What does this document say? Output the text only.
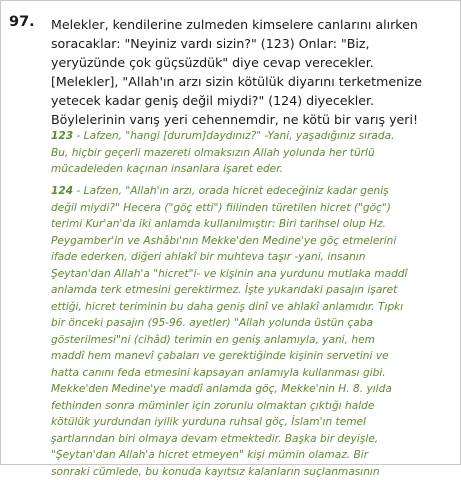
97. Melekler, kendilerine zulmeden kimselere canlarını alırken
soracaklar: "Neyiniz vardı sizin?" (123) Onlar: "Biz,
yeryüzünde çok güçsüzdük" diye cevap verecekler.
[Melekler], "Allah'ın arzı sizin kötülük diyarını terketmenize
yetecek kadar geniş değil miydi?" (124) diyecekler.
Böylelerinin varış yeri cehennemdir, ne kötü bir varış yeri!
123 - Lafzen, "hangi [durum]daydınız?" -Yani, yaşadığınız sırada.
Bu, hiçbir geçerli mazereti olmaksızın Allah yolunda her türlü
mücadeleden kaçınan insanlara işaret eder.
124 - Lafzen, "Allah'ın arzı, orada hicret edeceğiniz kadar geniş
değil miydi?" Hecera ("göç etti") fiilinden türetilen hicret ("göç")
terimi Kur'an'da iki anlamda kullanılmıştır: Biri tarihsel olup Hz.
Peygamber'in ve Ashâbı'nın Mekke'den Medine'ye göç etmelerini
ifade ederken, diğeri ahlakî bir muhteva taşır -yani, insanın
Şeytan'dan Allah'a "hicret"i- ve kişinin ana yurdunu mutlaka maddî
anlamda terk etmesini gerektirmez. İşte yukarıdaki pasajın işaret
ettiği, hicret teriminin bu daha geniş dinî ve ahlakî anlamıdır. Tıpkı
bir önceki pasajın (95-96. ayetler) "Allah yolunda üstün çaba
gösterilmesi"ni (cihâd) terimin en geniş anlamıyla, yani, hem
maddî hem manevî çabaları ve gerektiğinde kişinin servetini ve
hatta canını feda etmesini kapsayan anlamıyla kullanması gibi.
Mekke'den Medine'ye maddî anlamda göç, Mekke'nin H. 8. yılda
fethinden sonra müminler için zorunlu olmaktan çıktığı halde
kötülük yurdundan iyilik yurduna ruhsal göç, İslam'ın temel
şartlarından biri olmaya devam etmektedir. Başka bir deyişle,
"Şeytan'dan Allah'a hicret etmeyen" kişi mümin olamaz. Bir
sonraki cümlede, bu konuda kayıtsız kalanların suçlanmasının
